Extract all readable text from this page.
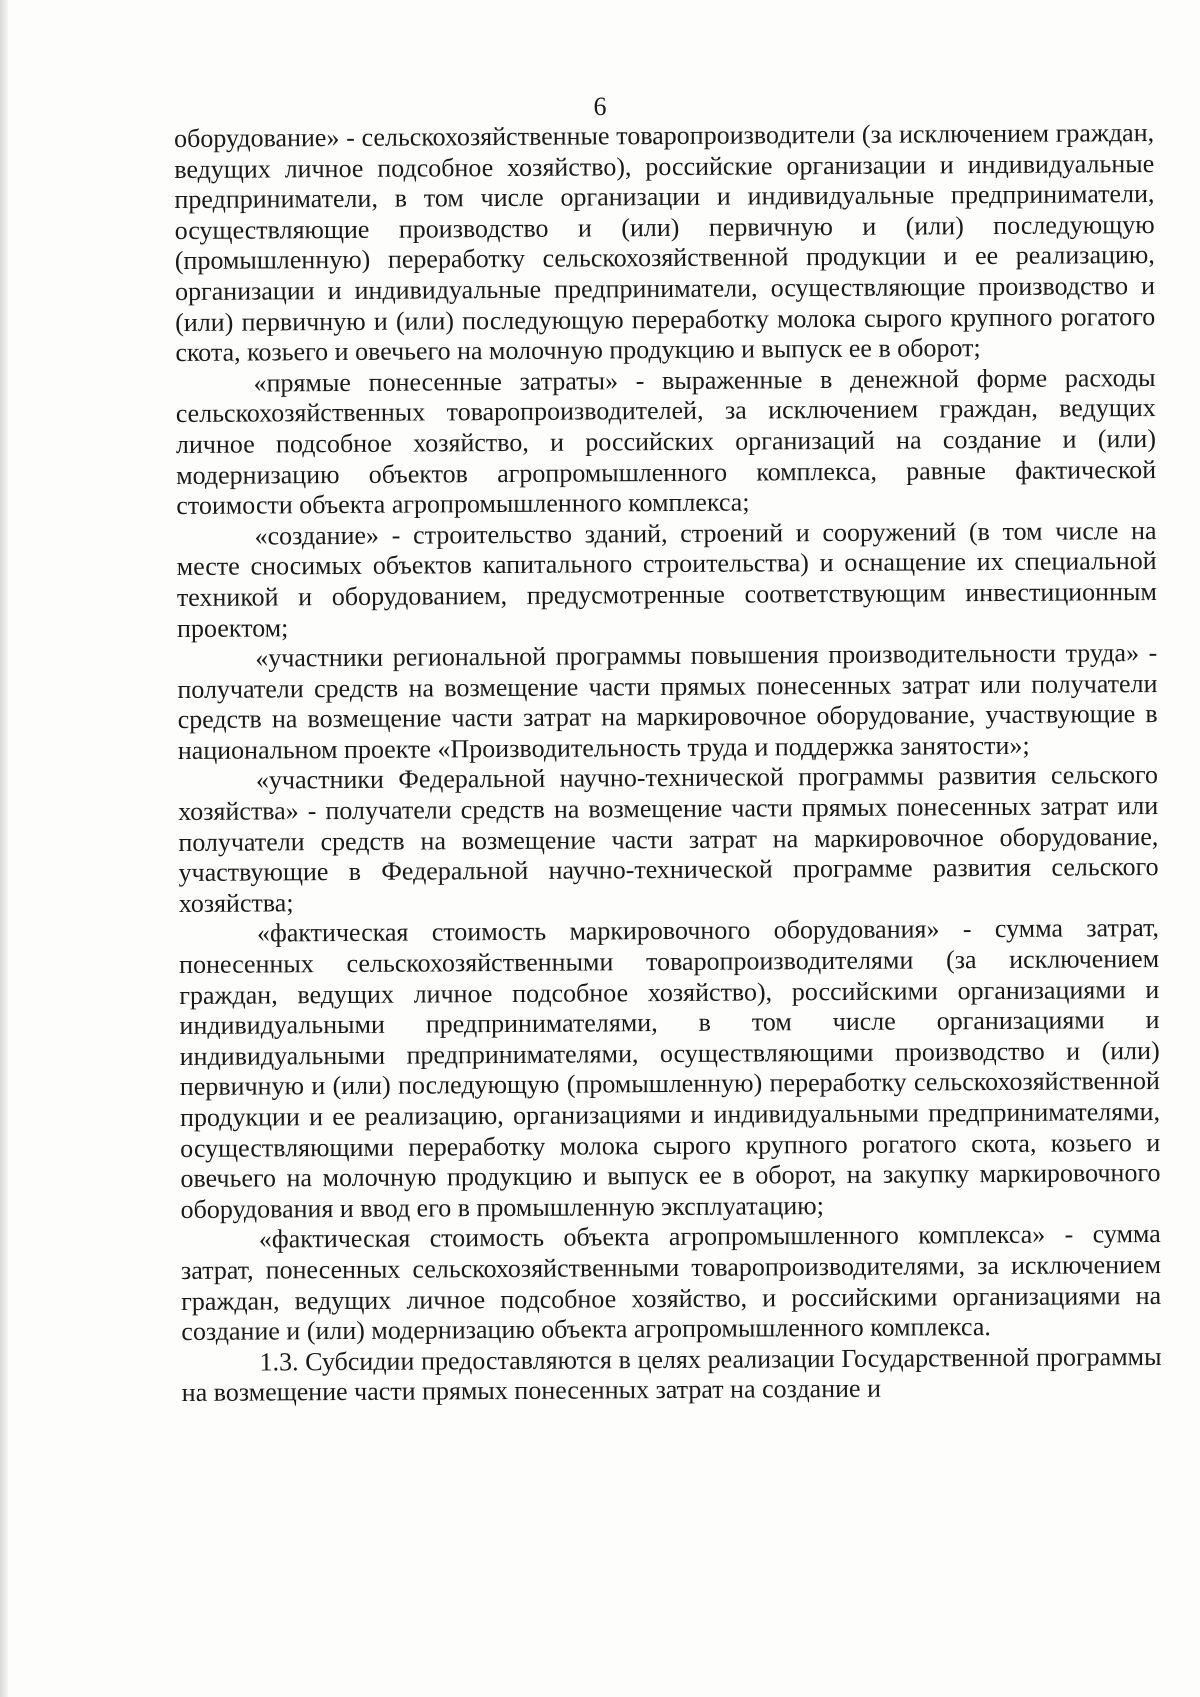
6

оборудование» - сельскохозяйственные товаропроизводители (за исключением граждан, ведущих личное подсобное хозяйство), российские организации и индивидуальные предприниматели, в том числе организации и индивидуальные предприниматели, осуществляющие производство и (или) первичную и (или) последующую (промышленную) переработку сельскохозяйственной продукции и ее реализацию, организации и индивидуальные предприниматели, осуществляющие производство и (или) первичную и (или) последующую переработку молока сырого крупного рогатого скота, козьего и овечьего на молочную продукцию и выпуск ее в оборот;

«прямые понесенные затраты» - выраженные в денежной форме расходы сельскохозяйственных товаропроизводителей, за исключением граждан, ведущих личное подсобное хозяйство, и российских организаций на создание и (или) модернизацию объектов агропромышленного комплекса, равные фактической стоимости объекта агропромышленного комплекса;

«создание» - строительство зданий, строений и сооружений (в том числе на месте сносимых объектов капитального строительства) и оснащение их специальной техникой и оборудованием, предусмотренные соответствующим инвестиционным проектом;

«участники региональной программы повышения производительности труда» - получатели средств на возмещение части прямых понесенных затрат или получатели средств на возмещение части затрат на маркировочное оборудование, участвующие в национальном проекте «Производительность труда и поддержка занятости»;

«участники Федеральной научно-технической программы развития сельского хозяйства» - получатели средств на возмещение части прямых понесенных затрат или получатели средств на возмещение части затрат на маркировочное оборудование, участвующие в Федеральной научно-технической программе развития сельского хозяйства;

«фактическая стоимость маркировочного оборудования» - сумма затрат, понесенных сельскохозяйственными товаропроизводителями (за исключением граждан, ведущих личное подсобное хозяйство), российскими организациями и индивидуальными предпринимателями, в том числе организациями и индивидуальными предпринимателями, осуществляющими производство и (или) первичную и (или) последующую (промышленную) переработку сельскохозяйственной продукции и ее реализацию, организациями и индивидуальными предпринимателями, осуществляющими переработку молока сырого крупного рогатого скота, козьего и овечьего на молочную продукцию и выпуск ее в оборот, на закупку маркировочного оборудования и ввод его в промышленную эксплуатацию;

«фактическая стоимость объекта агропромышленного комплекса» - сумма затрат, понесенных сельскохозяйственными товаропроизводителями, за исключением граждан, ведущих личное подсобное хозяйство, и российскими организациями на создание и (или) модернизацию объекта агропромышленного комплекса.

1.3. Субсидии предоставляются в целях реализации Государственной программы на возмещение части прямых понесенных затрат на создание и
